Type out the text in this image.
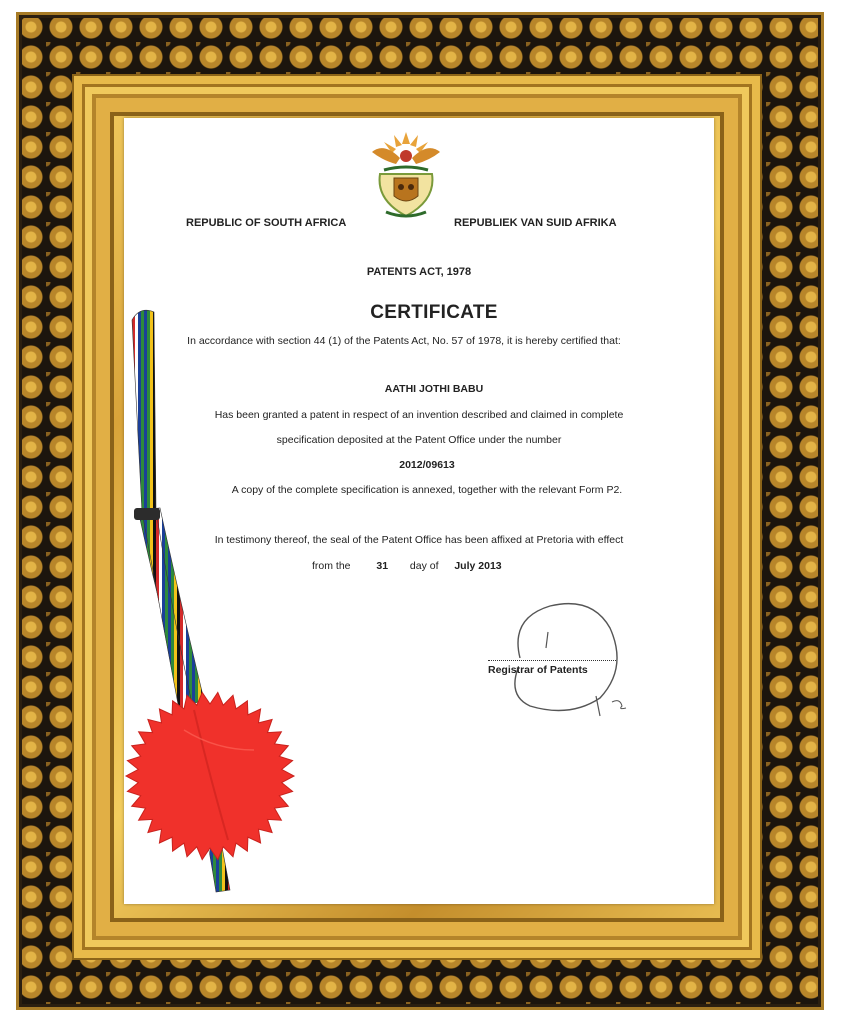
REPUBLIC OF SOUTH AFRICA	REPUBLIEK VAN SUID AFRIKA
PATENTS ACT, 1978
CERTIFICATE
In accordance with section 44 (1) of the Patents Act, No. 57 of 1978, it is hereby certified that:
AATHI JOTHI BABU
Has been granted a patent in respect of an invention described and claimed in complete
specification deposited at the Patent Office under the number
2012/09613
A copy of the complete specification is annexed, together with the relevant Form P2.
In testimony thereof, the seal of the Patent Office has been affixed at Pretoria with effect
from the 31 day of July 2013
Registrar of Patents
